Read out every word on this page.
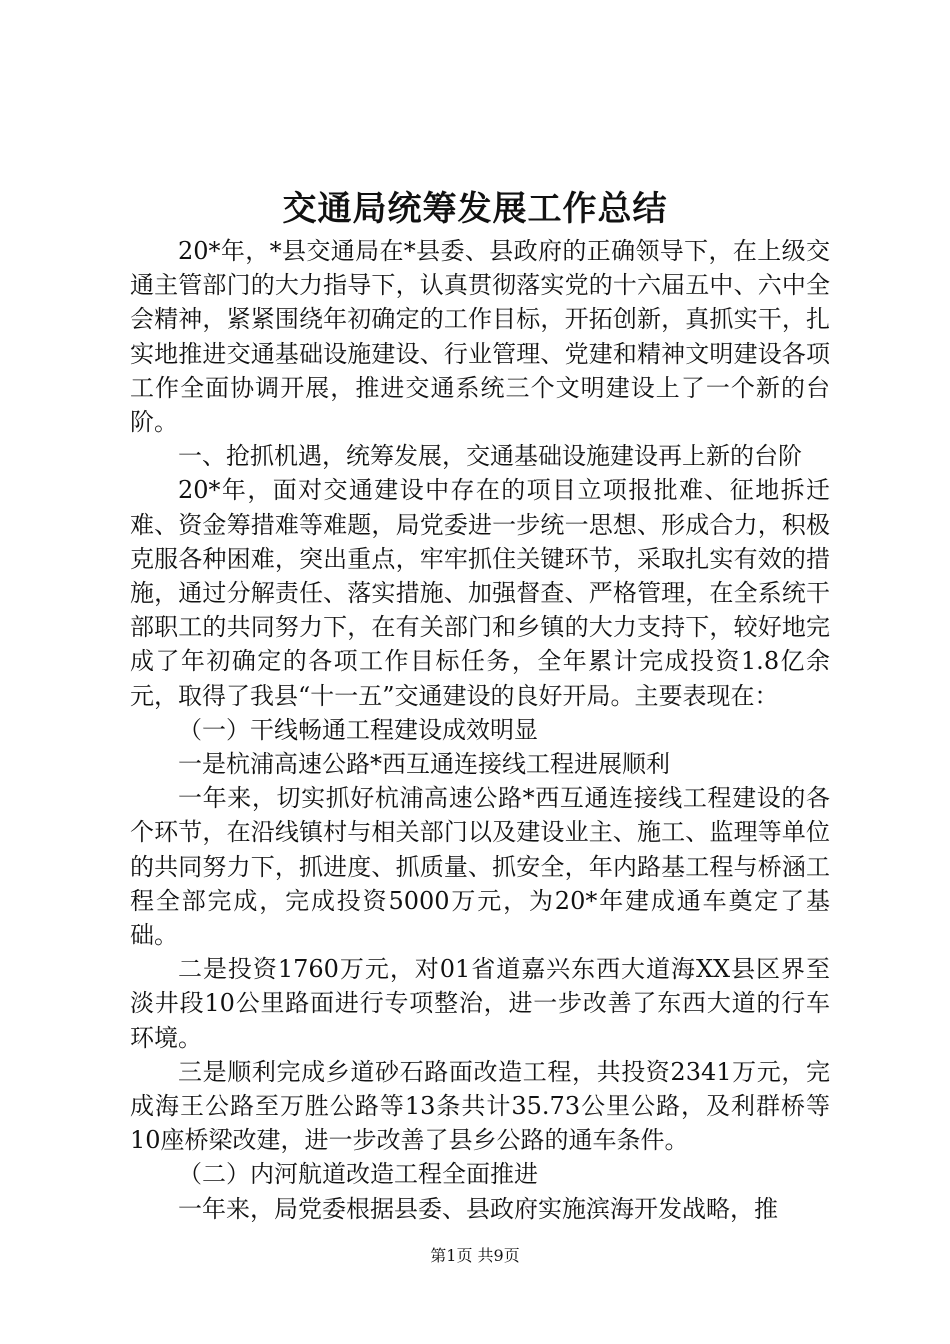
交通局统筹发展工作总结

20*年，*县交通局在*县委、县政府的正确领导下，在上级交通主管部门的大力指导下，认真贯彻落实党的十六届五中、六中全会精神，紧紧围绕年初确定的工作目标，开拓创新，真抓实干，扎实地推进交通基础设施建设、行业管理、党建和精神文明建设各项工作全面协调开展，推进交通系统三个文明建设上了一个新的台阶。

一、抢抓机遇，统筹发展，交通基础设施建设再上新的台阶

20*年，面对交通建设中存在的项目立项报批难、征地拆迁难、资金筹措难等难题，局党委进一步统一思想、形成合力，积极克服各种困难，突出重点，牢牢抓住关键环节，采取扎实有效的措施，通过分解责任、落实措施、加强督查、严格管理，在全系统干部职工的共同努力下，在有关部门和乡镇的大力支持下，较好地完成了年初确定的各项工作目标任务，全年累计完成投资1.8亿余元，取得了我县“十一五”交通建设的良好开局。主要表现在：

（一）干线畅通工程建设成效明显

一是杭浦高速公路*西互通连接线工程进展顺利

一年来，切实抓好杭浦高速公路*西互通连接线工程建设的各个环节，在沿线镇村与相关部门以及建设业主、施工、监理等单位的共同努力下，抓进度、抓质量、抓安全，年内路基工程与桥涵工程全部完成，完成投资5000万元，为20*年建成通车奠定了基础。

二是投资1760万元，对01省道嘉兴东西大道海XX县区界至淡井段10公里路面进行专项整治，进一步改善了东西大道的行车环境。

三是顺利完成乡道砂石路面改造工程，共投资2341万元，完成海王公路至万胜公路等13条共计35.73公里公路，及利群桥等10座桥梁改建，进一步改善了县乡公路的通车条件。

（二）内河航道改造工程全面推进

一年来，局党委根据县委、县政府实施滨海开发战略，推

第1页 共9页
